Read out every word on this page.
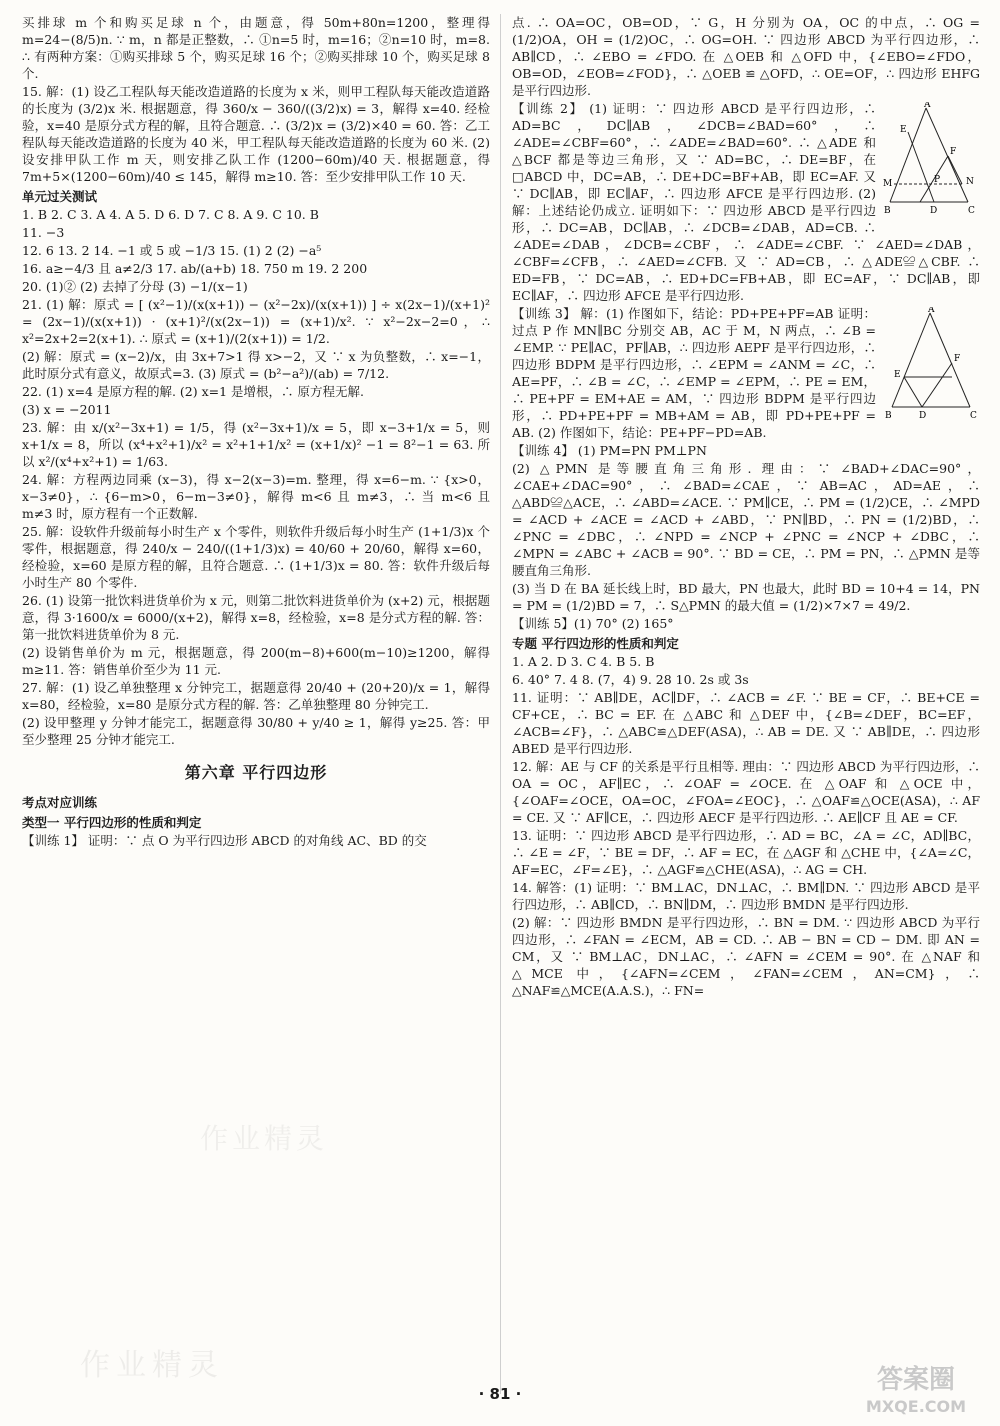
买排球 m 个和购买足球 n 个，由题意，得 50m+80n=1200，整理得 m=24−(8/5)n. ∵ m，n 都是正整数，∴ ①n=5 时，m=16；②n=10 时，m=8. ∴ 有两种方案：①购买排球 5 个，购买足球 16 个；②购买排球 10 个，购买足球 8 个.

15. 解：(1) 设乙工程队每天能改造道路的长度为 x 米，则甲工程队每天能改造道路的长度为 (3/2)x 米. 根据题意，得 360/x − 360/((3/2)x) = 3，解得 x=40. 经检验，x=40 是原分式方程的解，且符合题意. ∴ (3/2)x = (3/2)×40 = 60. 答：乙工程队每天能改造道路的长度为 40 米，甲工程队每天能改造道路的长度为 60 米. (2) 设安排甲队工作 m 天，则安排乙队工作 (1200−60m)/40 天. 根据题意，得 7m+5×(1200−60m)/40 ≤ 145，解得 m≥10. 答：至少安排甲队工作 10 天.

单元过关测试

1. B 2. C 3. A 4. A 5. D 6. D 7. C 8. A 9. C 10. B

11. −3

12. 6 13. 2 14. −1 或 5 或 −1/3 15. (1) 2 (2) −a⁵

16. a≥−4/3 且 a≠2/3 17. ab/(a+b) 18. 750 m 19. 2 200

20. (1)② (2) 去掉了分母 (3) −1/(x−1)

21. (1) 解：原式 = [ (x²−1)/(x(x+1)) − (x²−2x)/(x(x+1)) ] ÷ x(2x−1)/(x+1)² = (2x−1)/(x(x+1)) · (x+1)²/(x(2x−1)) = (x+1)/x². ∵ x²−2x−2=0，∴ x²=2x+2=2(x+1). ∴ 原式 = (x+1)/(2(x+1)) = 1/2.

(2) 解：原式 = (x−2)/x，由 3x+7>1 得 x>−2，又 ∵ x 为负整数，∴ x=−1，此时原分式有意义，故原式=3. (3) 原式 = (b²−a²)/(ab) = 7/12.

22. (1) x=4 是原方程的解. (2) x=1 是增根，∴ 原方程无解.

(3) x = −2011

23. 解：由 x/(x²−3x+1) = 1/5，得 (x²−3x+1)/x = 5，即 x−3+1/x = 5，则 x+1/x = 8，所以 (x⁴+x²+1)/x² = x²+1+1/x² = (x+1/x)² −1 = 8²−1 = 63. 所以 x²/(x⁴+x²+1) = 1/63.

24. 解：方程两边同乘 (x−3)，得 x−2(x−3)=m. 整理，得 x=6−m. ∵ {x>0，x−3≠0}，∴ {6−m>0，6−m−3≠0}，解得 m<6 且 m≠3，∴ 当 m<6 且 m≠3 时，原方程有一个正数解.

25. 解：设软件升级前每小时生产 x 个零件，则软件升级后每小时生产 (1+1/3)x 个零件，根据题意，得 240/x − 240/((1+1/3)x) = 40/60 + 20/60，解得 x=60，经检验，x=60 是原方程的解，且符合题意. ∴ (1+1/3)x = 80. 答：软件升级后每小时生产 80 个零件.

26. (1) 设第一批饮料进货单价为 x 元，则第二批饮料进货单价为 (x+2) 元，根据题意，得 3·1600/x = 6000/(x+2)，解得 x=8，经检验，x=8 是分式方程的解. 答：第一批饮料进货单价为 8 元.

(2) 设销售单价为 m 元，根据题意，得 200(m−8)+600(m−10)≥1200，解得 m≥11. 答：销售单价至少为 11 元.

27. 解：(1) 设乙单独整理 x 分钟完工，据题意得 20/40 + (20+20)/x = 1，解得 x=80，经检验，x=80 是原分式方程的解. 答：乙单独整理 80 分钟完工.

(2) 设甲整理 y 分钟才能完工，据题意得 30/80 + y/40 ≥ 1，解得 y≥25. 答：甲至少整理 25 分钟才能完工.

第六章 平行四边形
考点对应训练
类型一 平行四边形的性质和判定

【训练 1】 证明：∵ 点 O 为平行四边形 ABCD 的对角线 AC、BD 的交

点. ∴ OA=OC，OB=OD，∵ G，H 分别为 OA，OC 的中点，∴ OG = (1/2)OA，OH = (1/2)OC，∴ OG=OH. ∵ 四边形 ABCD 为平行四边形，∴ AB∥CD，∴ ∠EBO = ∠FDO. 在 △OEB 和 △OFD 中，{∠EBO=∠FDO，OB=OD，∠EOB=∠FOD}，∴ △OEB ≌ △OFD，∴ OE=OF，∴ 四边形 EHFG 是平行四边形.

A
E
F
M	P	N
B	D	C

【训练 2】 (1) 证明：∵ 四边形 ABCD 是平行四边形，∴ AD=BC，DC∥AB，∠DCB=∠BAD=60°，∴ ∠ADE=∠CBF=60°，∴ ∠ADE=∠BAD=60°. ∴ △ADE 和 △BCF 都是等边三角形，又 ∵ AD=BC，∴ DE=BF，在 □ABCD 中，DC=AB，∴ DE+DC=BF+AB，即 EC=AF. 又 ∵ DC∥AB，即 EC∥AF，∴ 四边形 AFCE 是平行四边形. (2) 解：上述结论仍成立. 证明如下：∵ 四边形 ABCD 是平行四边形，∴ DC=AB，DC∥AB，∴ ∠DCB=∠DAB，AD=CB. ∴ ∠ADE=∠DAB，∠DCB=∠CBF，∴ ∠ADE=∠CBF. ∵ ∠AED=∠DAB，∠CBF=∠CFB，∴ ∠AED=∠CFB. 又 ∵ AD=CB，∴ △ADE≌△CBF. ∴ ED=FB，∵ DC=AB，∴ ED+DC=FB+AB，即 EC=AF，∵ DC∥AB，即 EC∥AF，∴ 四边形 AFCE 是平行四边形.

A
E
F
B	D	C

【训练 3】 解：(1) 作图如下，结论：PD+PE+PF=AB 证明：过点 P 作 MN∥BC 分别交 AB，AC 于 M，N 两点，∴ ∠B = ∠EMP. ∵ PE∥AC，PF∥AB，∴ 四边形 AEPF 是平行四边形，∴ 四边形 BDPM 是平行四边形，∴ ∠EPM = ∠ANM = ∠C，∴ AE=PF，∴ ∠B = ∠C，∴ ∠EMP = ∠EPM，∴ PE = EM，∴ PE+PF = EM+AE = AM，∵ 四边形 BDPM 是平行四边形，∴ PD+PE+PF = MB+AM = AB，即 PD+PE+PF = AB. (2) 作图如下，结论：PE+PF−PD=AB.

【训练 4】 (1) PM=PN PM⊥PN

(2) △PMN 是等腰直角三角形. 理由：∵ ∠BAD+∠DAC=90°，∠CAE+∠DAC=90°，∴ ∠BAD=∠CAE，∵ AB=AC，AD=AE，∴ △ABD≌△ACE，∴ ∠ABD=∠ACE. ∵ PM∥CE，∴ PM = (1/2)CE，∴ ∠MPD = ∠ACD + ∠ACE = ∠ACD + ∠ABD，∵ PN∥BD，∴ PN = (1/2)BD，∴ ∠PNC = ∠DBC，∴ ∠NPD = ∠NCP + ∠PNC = ∠NCP + ∠DBC，∴ ∠MPN = ∠ABC + ∠ACB = 90°. ∵ BD = CE，∴ PM = PN，∴ △PMN 是等腰直角三角形.

(3) 当 D 在 BA 延长线上时，BD 最大，PN 也最大，此时 BD = 10+4 = 14，PN = PM = (1/2)BD = 7，∴ S△PMN 的最大值 = (1/2)×7×7 = 49/2.

【训练 5】(1) 70° (2) 165°

专题 平行四边形的性质和判定

1. A 2. D 3. C 4. B 5. B

6. 40° 7. 4 8. (7，4) 9. 28 10. 2s 或 3s

11. 证明：∵ AB∥DE，AC∥DF，∴ ∠ACB = ∠F. ∵ BE = CF，∴ BE+CE = CF+CE，∴ BC = EF. 在 △ABC 和 △DEF 中，{∠B=∠DEF，BC=EF，∠ACB=∠F}，∴ △ABC≌△DEF(ASA)，∴ AB = DE. 又 ∵ AB∥DE，∴ 四边形 ABED 是平行四边形.

12. 解：AE 与 CF 的关系是平行且相等. 理由：∵ 四边形 ABCD 为平行四边形，∴ OA = OC，AF∥EC，∴ ∠OAF = ∠OCE. 在 △OAF 和 △OCE 中，{∠OAF=∠OCE，OA=OC，∠FOA=∠EOC}，∴ △OAF≌△OCE(ASA)，∴ AF = CE. 又 ∵ AF∥CE，∴ 四边形 AECF 是平行四边形. ∴ AE∥CF 且 AE = CF.

13. 证明：∵ 四边形 ABCD 是平行四边形，∴ AD = BC，∠A = ∠C，AD∥BC，∴ ∠E = ∠F，∵ BE = DF，∴ AF = EC，在 △AGF 和 △CHE 中，{∠A=∠C，AF=EC，∠F=∠E}，∴ △AGF≌△CHE(ASA)，∴ AG = CH.

14. 解答：(1) 证明：∵ BM⊥AC，DN⊥AC，∴ BM∥DN. ∵ 四边形 ABCD 是平行四边形，∴ AB∥CD，∴ BN∥DM，∴ 四边形 BMDN 是平行四边形.

(2) 解：∵ 四边形 BMDN 是平行四边形，∴ BN = DM. ∵ 四边形 ABCD 为平行四边形，∴ ∠FAN = ∠ECM，AB = CD. ∴ AB − BN = CD − DM. 即 AN = CM，又 ∵ BM⊥AC，DN⊥AC，∴ ∠AFN = ∠CEM = 90°. 在 △NAF 和 △MCE 中，{∠AFN=∠CEM，∠FAN=∠CEM，AN=CM}，∴ △NAF≌△MCE(A.A.S.)，∴ FN=

作业精灵
作业精灵
· 81 ·	答案圈
MXQE.COM
